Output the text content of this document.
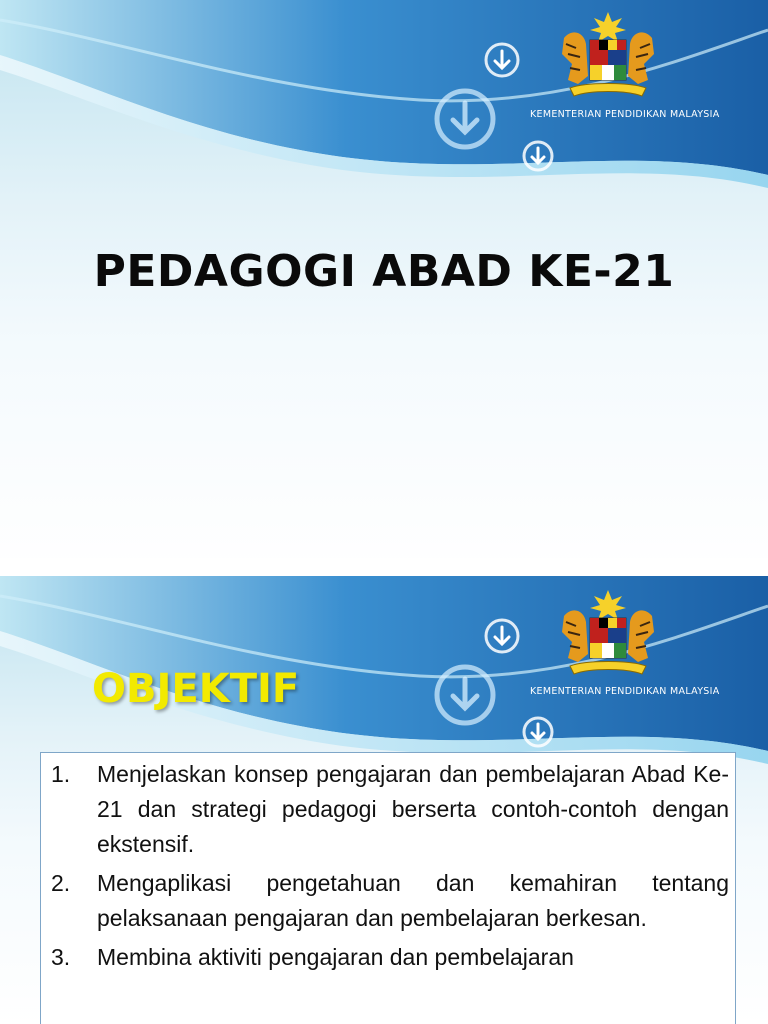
KEMENTERIAN PENDIDIKAN MALAYSIA
PEDAGOGI ABAD KE-21
KEMENTERIAN PENDIDIKAN MALAYSIA
OBJEKTIF
1.	Menjelaskan konsep pengajaran dan pembelajaran Abad Ke-21 dan strategi pedagogi berserta contoh-contoh dengan ekstensif.
2.	Mengaplikasi pengetahuan dan kemahiran tentang pelaksanaan pengajaran dan pembelajaran berkesan.
3.	Membina aktiviti pengajaran dan pembelajaran
